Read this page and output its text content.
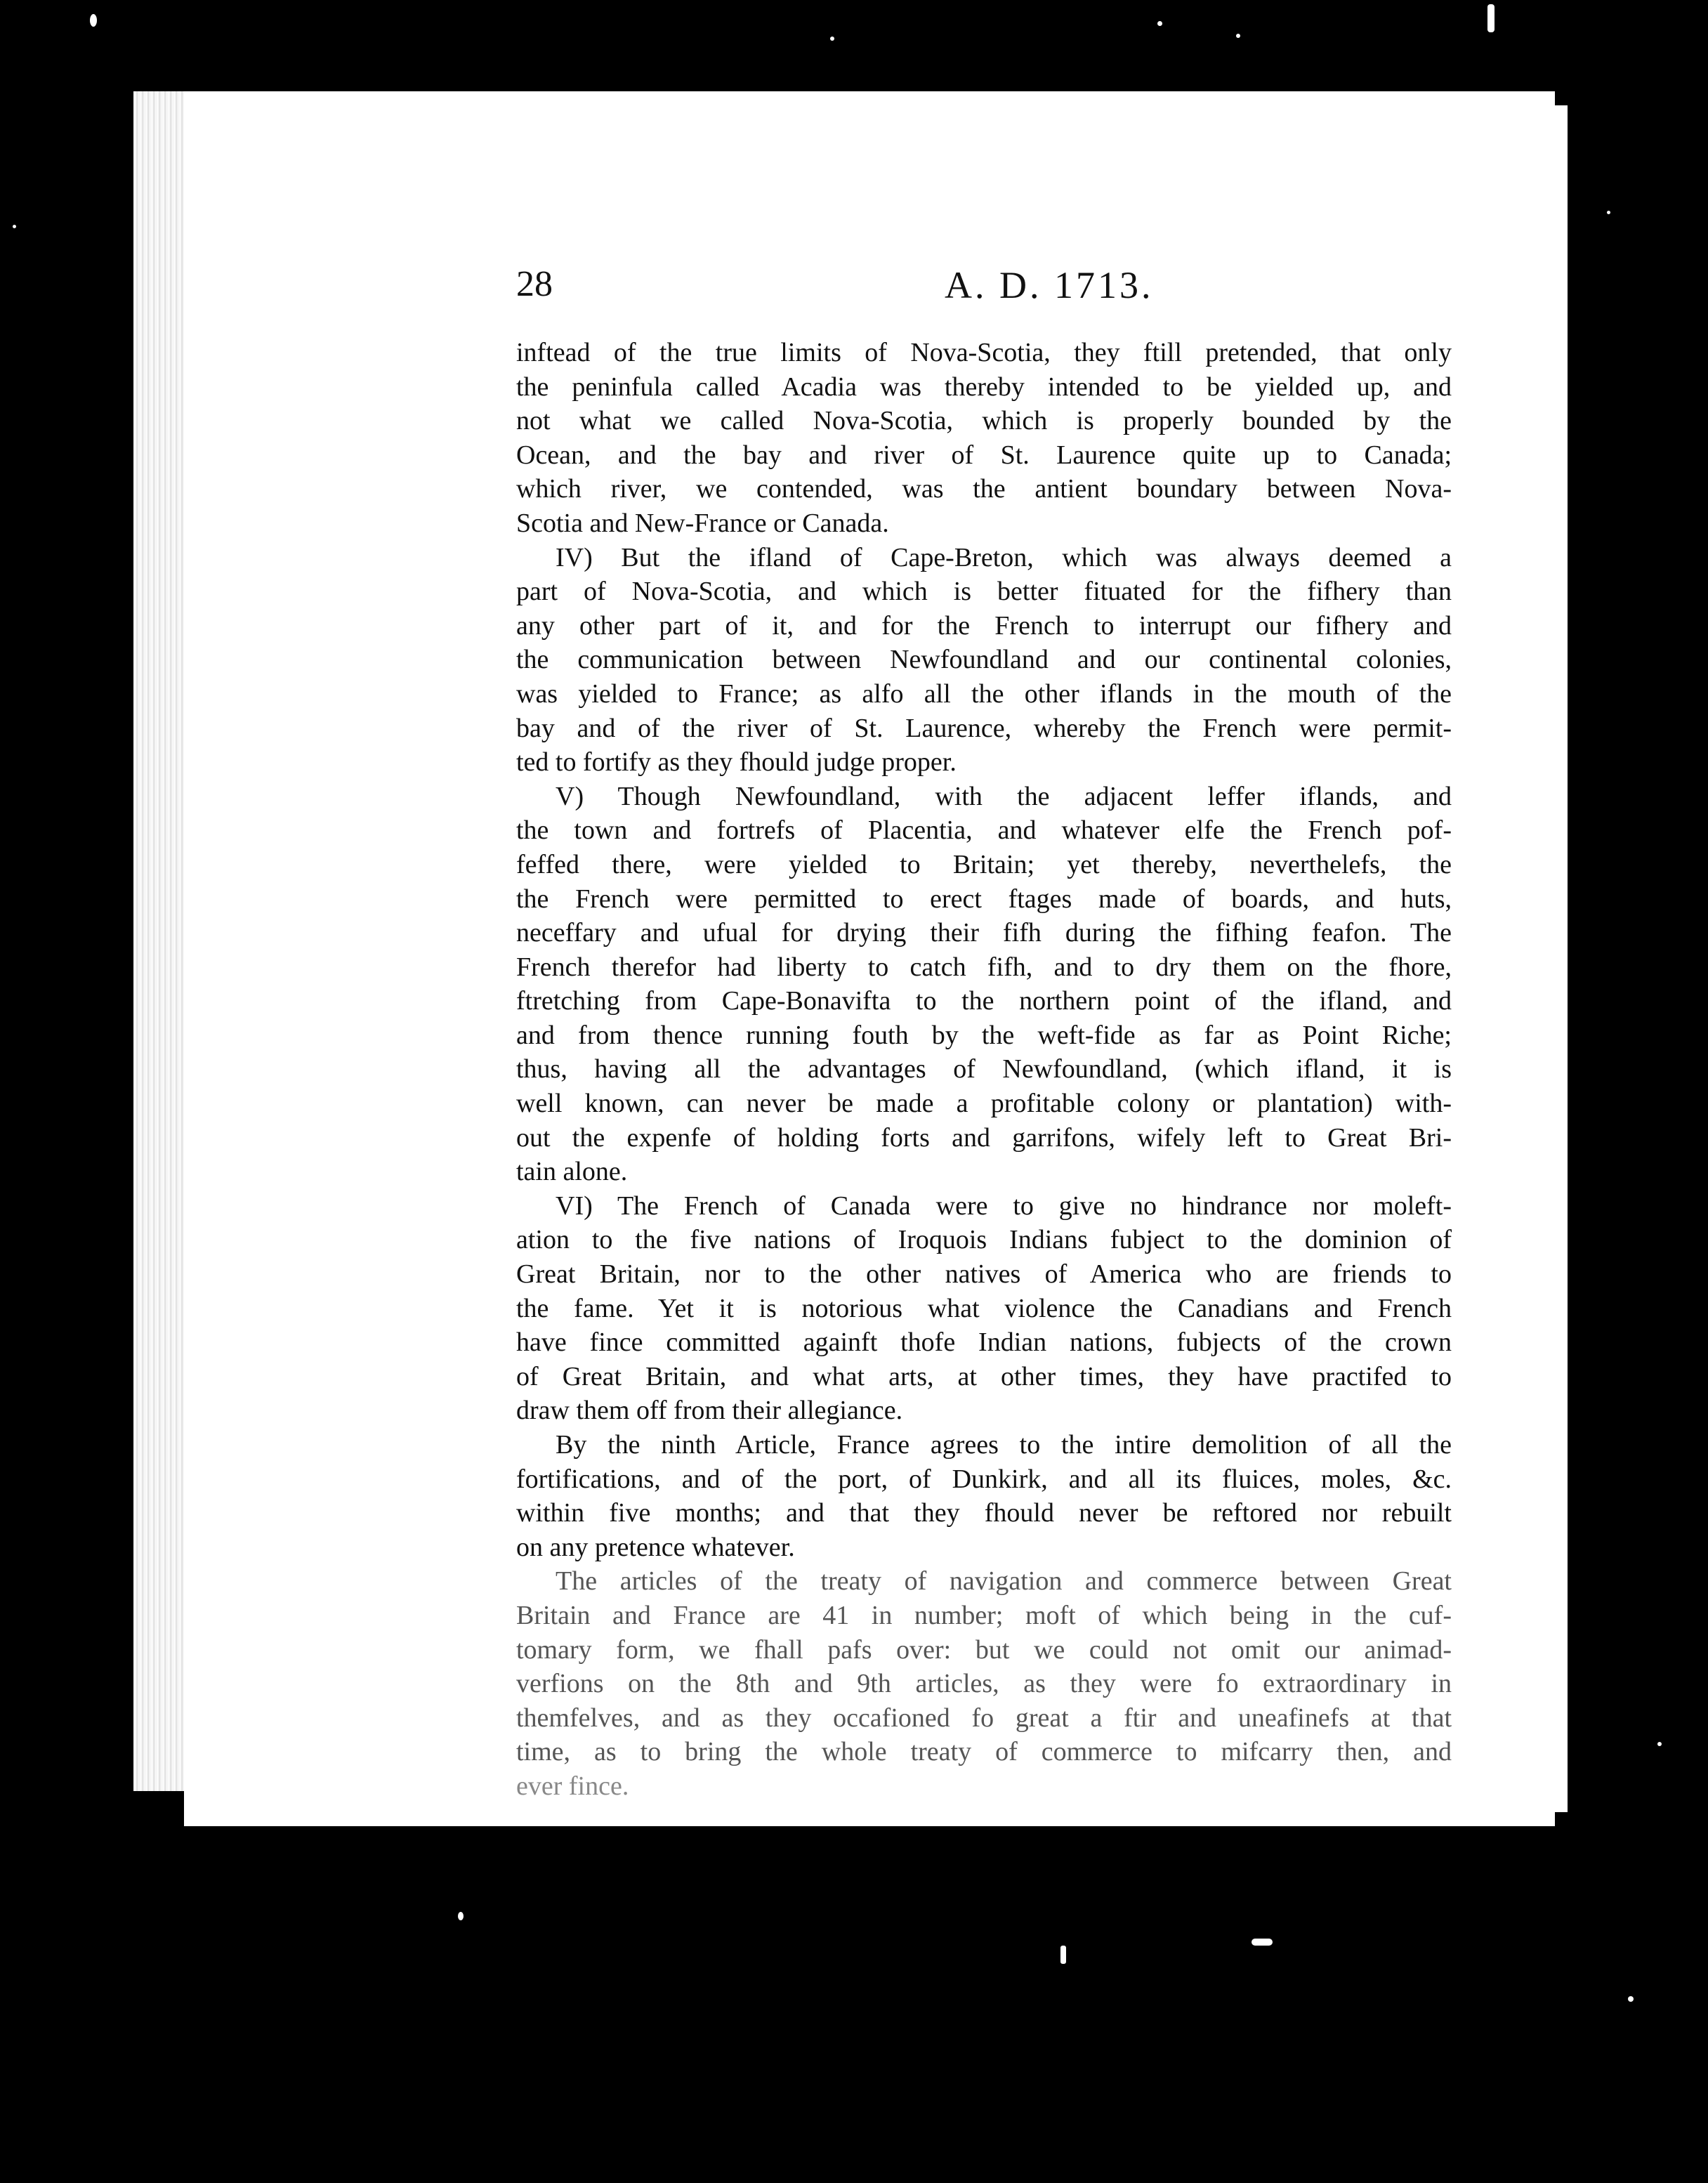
28	A. D. 1713.
inftead of the true limits of Nova-Scotia, they ftill pretended, that only
the peninfula called Acadia was thereby intended to be yielded up, and
not what we called Nova-Scotia, which is properly bounded by the
Ocean, and the bay and river of St. Laurence quite up to Canada;
which river, we contended, was the antient boundary between Nova-
Scotia and New-France or Canada.
IV) But the ifland of Cape-Breton, which was always deemed a
part of Nova-Scotia, and which is better fituated for the fifhery than
any other part of it, and for the French to interrupt our fifhery and
the communication between Newfoundland and our continental colonies,
was yielded to France; as alfo all the other iflands in the mouth of the
bay and of the river of St. Laurence, whereby the French were permit-
ted to fortify as they fhould judge proper.
V) Though Newfoundland, with the adjacent leffer iflands, and
the town and fortrefs of Placentia, and whatever elfe the French pof-
feffed there, were yielded to Britain; yet thereby, neverthelefs, the
the French were permitted to erect ftages made of boards, and huts,
neceffary and ufual for drying their fifh during the fifhing feafon. The
French therefor had liberty to catch fifh, and to dry them on the fhore,
ftretching from Cape-Bonavifta to the northern point of the ifland, and
and from thence running fouth by the weft-fide as far as Point Riche;
thus, having all the advantages of Newfoundland, (which ifland, it is
well known, can never be made a profitable colony or plantation) with-
out the expenfe of holding forts and garrifons, wifely left to Great Bri-
tain alone.
VI) The French of Canada were to give no hindrance nor moleft-
ation to the five nations of Iroquois Indians fubject to the dominion of
Great Britain, nor to the other natives of America who are friends to
the fame. Yet it is notorious what violence the Canadians and French
have fince committed againft thofe Indian nations, fubjects of the crown
of Great Britain, and what arts, at other times, they have practifed to
draw them off from their allegiance.
By the ninth Article, France agrees to the intire demolition of all the
fortifications, and of the port, of Dunkirk, and all its fluices, moles, &c.
within five months; and that they fhould never be reftored nor rebuilt
on any pretence whatever.
The articles of the treaty of navigation and commerce between Great
Britain and France are 41 in number; moft of which being in the cuf-
tomary form, we fhall pafs over: but we could not omit our animad-
verfions on the 8th and 9th articles, as they were fo extraordinary in
themfelves, and as they occafioned fo great a ftir and uneafinefs at that
time, as to bring the whole treaty of commerce to mifcarry then, and
ever fince.
